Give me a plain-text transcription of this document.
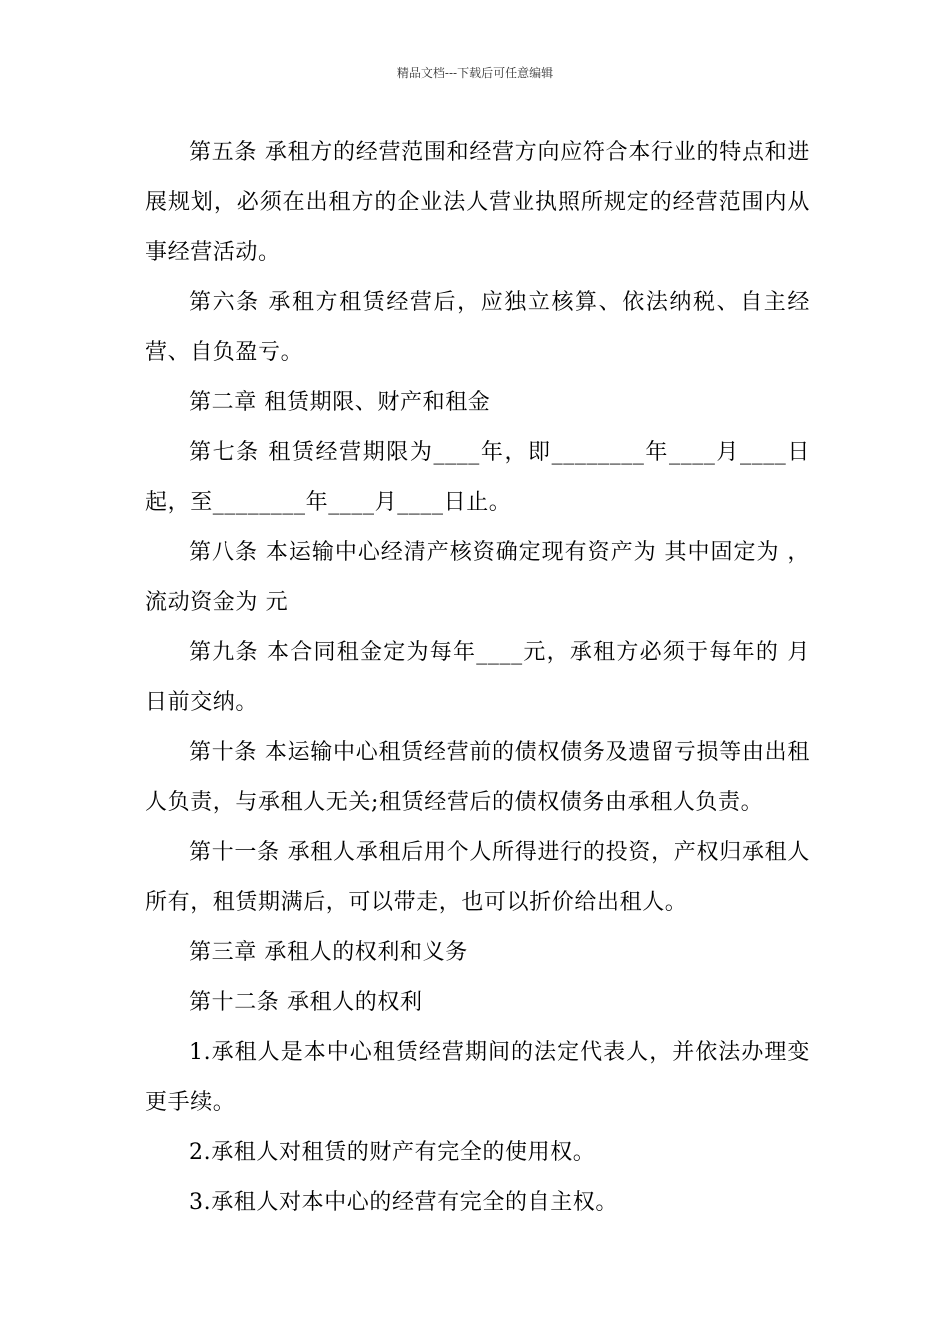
精品文档---下载后可任意编辑

第五条 承租方的经营范围和经营方向应符合本行业的特点和进展规划，必须在出租方的企业法人营业执照所规定的经营范围内从事经营活动。

第六条 承租方租赁经营后，应独立核算、依法纳税、自主经营、自负盈亏。

第二章 租赁期限、财产和租金

第七条 租赁经营期限为____年，即________年____月____日起，至________年____月____日止。

第八条 本运输中心经清产核资确定现有资产为 其中固定为 ，流动资金为 元

第九条 本合同租金定为每年____元，承租方必须于每年的 月 日前交纳。

第十条 本运输中心租赁经营前的债权债务及遗留亏损等由出租人负责，与承租人无关;租赁经营后的债权债务由承租人负责。

第十一条 承租人承租后用个人所得进行的投资，产权归承租人所有，租赁期满后，可以带走，也可以折价给出租人。

第三章 承租人的权利和义务

第十二条 承租人的权利

1.承租人是本中心租赁经营期间的法定代表人，并依法办理变更手续。

2.承租人对租赁的财产有完全的使用权。

3.承租人对本中心的经营有完全的自主权。
